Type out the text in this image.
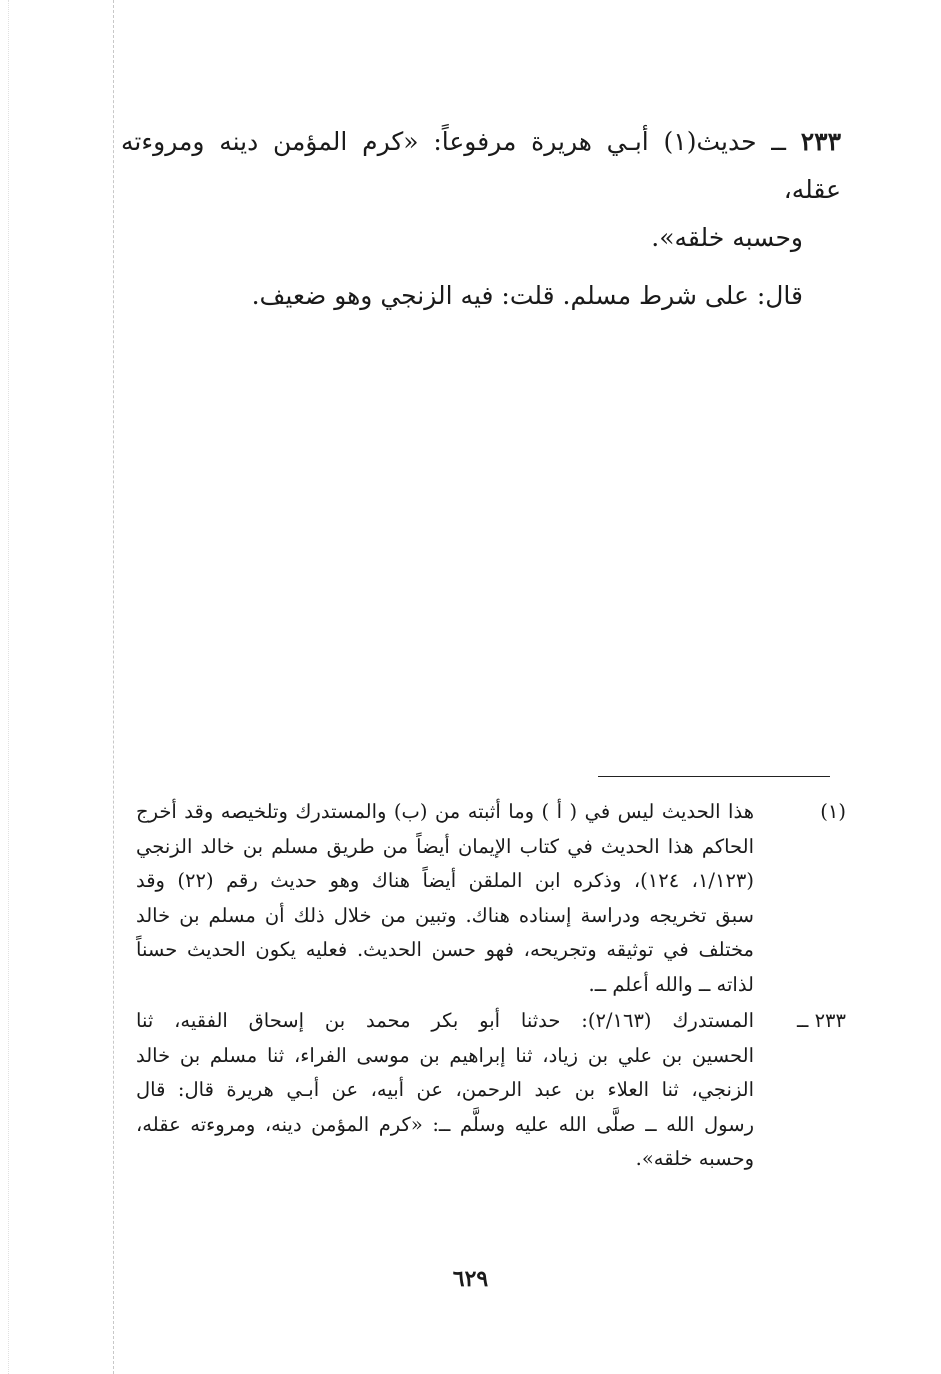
٢٣٣ ــ حديث(١) أبـي هريرة مرفوعاً: «كرم المؤمن دينه ومروءته عقله،
وحسبه خلقه».
قال: على شرط مسلم. قلت: فيه الزنجي وهو ضعيف.
(١)
هذا الحديث ليس في ( أ ) وما أثبته من (ب) والمستدرك وتلخيصه وقد أخرج
الحاكم هذا الحديث في كتاب الإيمان أيضاً من طريق مسلم بن خالد الزنجي
(١/١٢٣، ١٢٤)، وذكره ابن الملقن أيضاً هناك وهو حديث رقم (٢٢) وقد
سبق تخريجه ودراسة إسناده هناك. وتبين من خلال ذلك أن مسلم بن خالد
مختلف في توثيقه وتجريحه، فهو حسن الحديث. فعليه يكون الحديث حسناً
لذاته ــ والله أعلم ــ.
٢٣٣ ــ
المستدرك (٢/١٦٣): حدثنا أبو بكر محمد بن إسحاق الفقيه، ثنا
الحسين بن علي بن زياد، ثنا إبراهيم بن موسى الفراء، ثنا مسلم بن خالد
الزنجي، ثنا العلاء بن عبد الرحمن، عن أبيه، عن أبـي هريرة قال: قال
رسول الله ــ صلَّى الله عليه وسلَّم ــ: «كرم المؤمن دينه، ومروءته عقله،
وحسبه خلقه».
٦٢٩
